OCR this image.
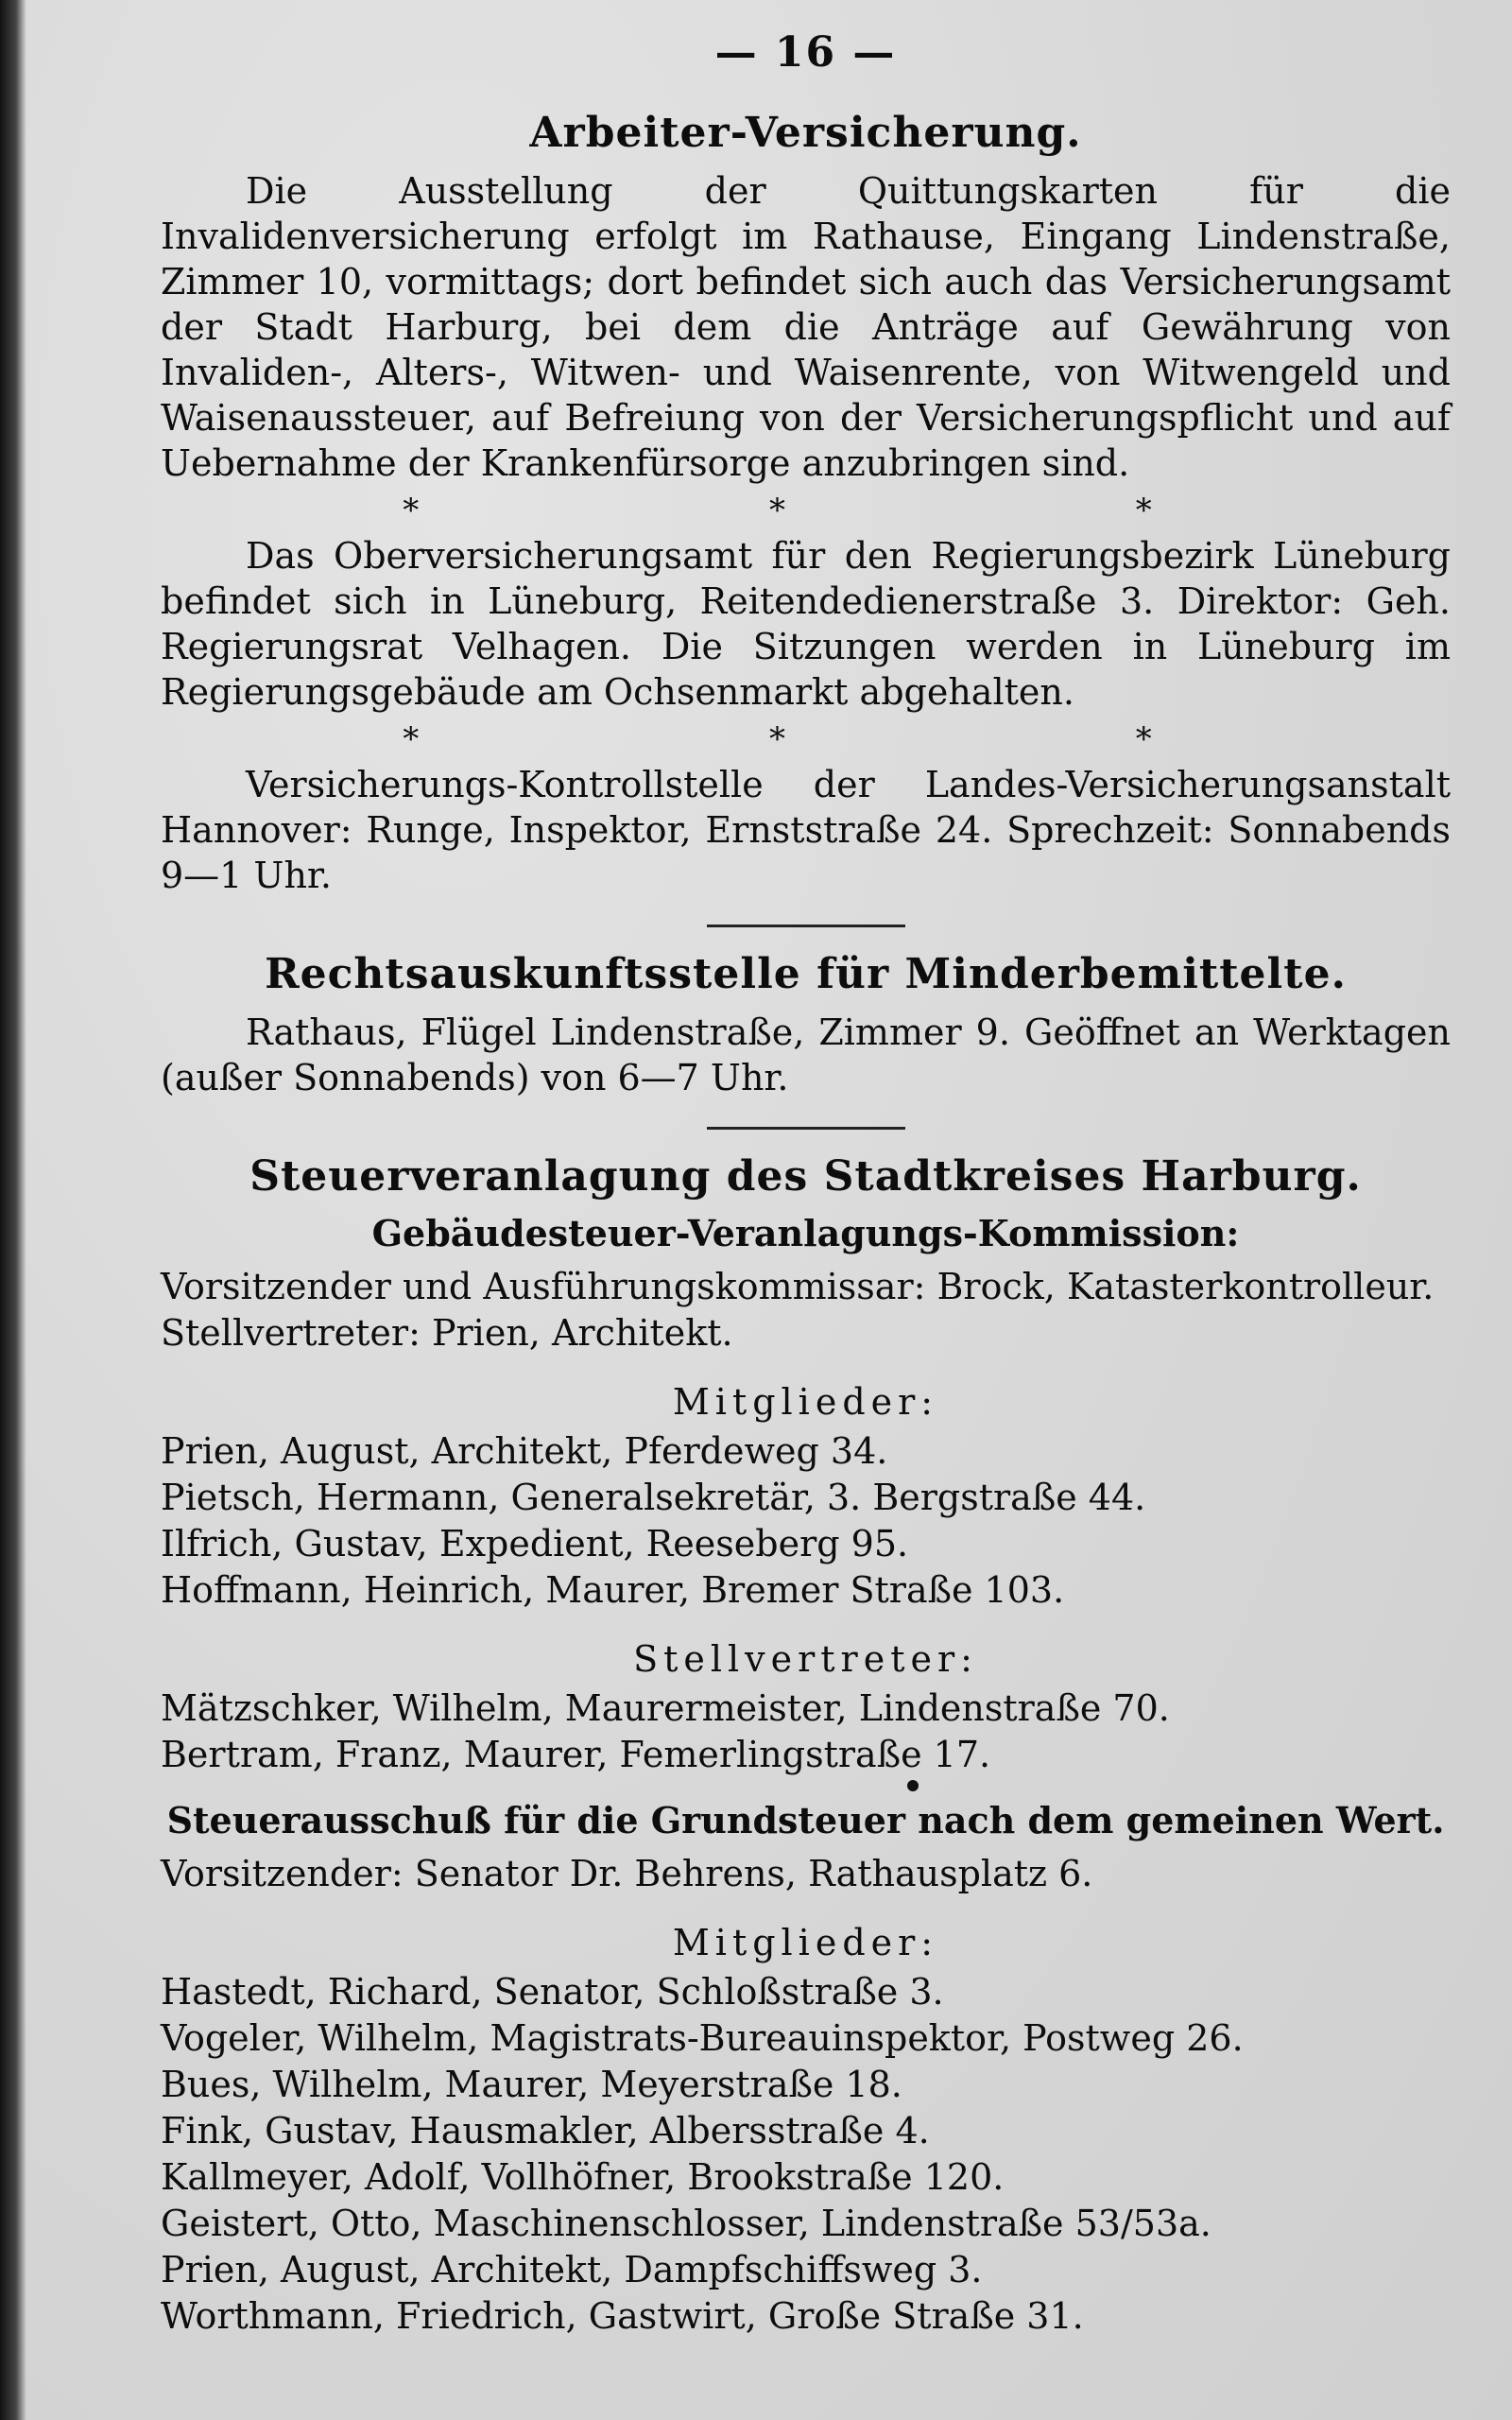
— 16 —
Arbeiter-Versicherung.

Die Ausstellung der Quittungskarten für die Invalidenversicherung erfolgt im Rathause, Eingang Lindenstraße, Zimmer 10, vormittags; dort befindet sich auch das Versicherungsamt der Stadt Harburg, bei dem die Anträge auf Gewährung von Invaliden-, Alters-, Witwen- und Waisenrente, von Witwengeld und Waisenaussteuer, auf Befreiung von der Versicherungspflicht und auf Uebernahme der Krankenfürsorge anzubringen sind.

* * *

Das Oberversicherungsamt für den Regierungsbezirk Lüneburg befindet sich in Lüneburg, Reitendedienerstraße 3. Direktor: Geh. Regierungsrat Velhagen. Die Sitzungen werden in Lüneburg im Regierungsgebäude am Ochsenmarkt abgehalten.

* * *

Versicherungs-Kontrollstelle der Landes-Versicherungsanstalt Hannover: Runge, Inspektor, Ernststraße 24. Sprechzeit: Sonnabends 9—1 Uhr.

Rechtsauskunftsstelle für Minderbemittelte.

Rathaus, Flügel Lindenstraße, Zimmer 9. Geöffnet an Werktagen (außer Sonnabends) von 6—7 Uhr.

Steuerveranlagung des Stadtkreises Harburg.
Gebäudesteuer-Veranlagungs-Kommission:

Vorsitzender und Ausführungskommissar: Brock, Katasterkontrolleur.

Stellvertreter: Prien, Architekt.

Mitglieder:

Prien, August, Architekt, Pferdeweg 34.

Pietsch, Hermann, Generalsekretär, 3. Bergstraße 44.

Ilfrich, Gustav, Expedient, Reeseberg 95.

Hoffmann, Heinrich, Maurer, Bremer Straße 103.

Stellvertreter:

Mätzschker, Wilhelm, Maurermeister, Lindenstraße 70.

Bertram, Franz, Maurer, Femerlingstraße 17.

Steuerausschuß für die Grundsteuer nach dem gemeinen Wert.

Vorsitzender: Senator Dr. Behrens, Rathausplatz 6.

Mitglieder:

Hastedt, Richard, Senator, Schloßstraße 3.

Vogeler, Wilhelm, Magistrats-Bureauinspektor, Postweg 26.

Bues, Wilhelm, Maurer, Meyerstraße 18.

Fink, Gustav, Hausmakler, Albersstraße 4.

Kallmeyer, Adolf, Vollhöfner, Brookstraße 120.

Geistert, Otto, Maschinenschlosser, Lindenstraße 53/53a.

Prien, August, Architekt, Dampfschiffsweg 3.

Worthmann, Friedrich, Gastwirt, Große Straße 31.
